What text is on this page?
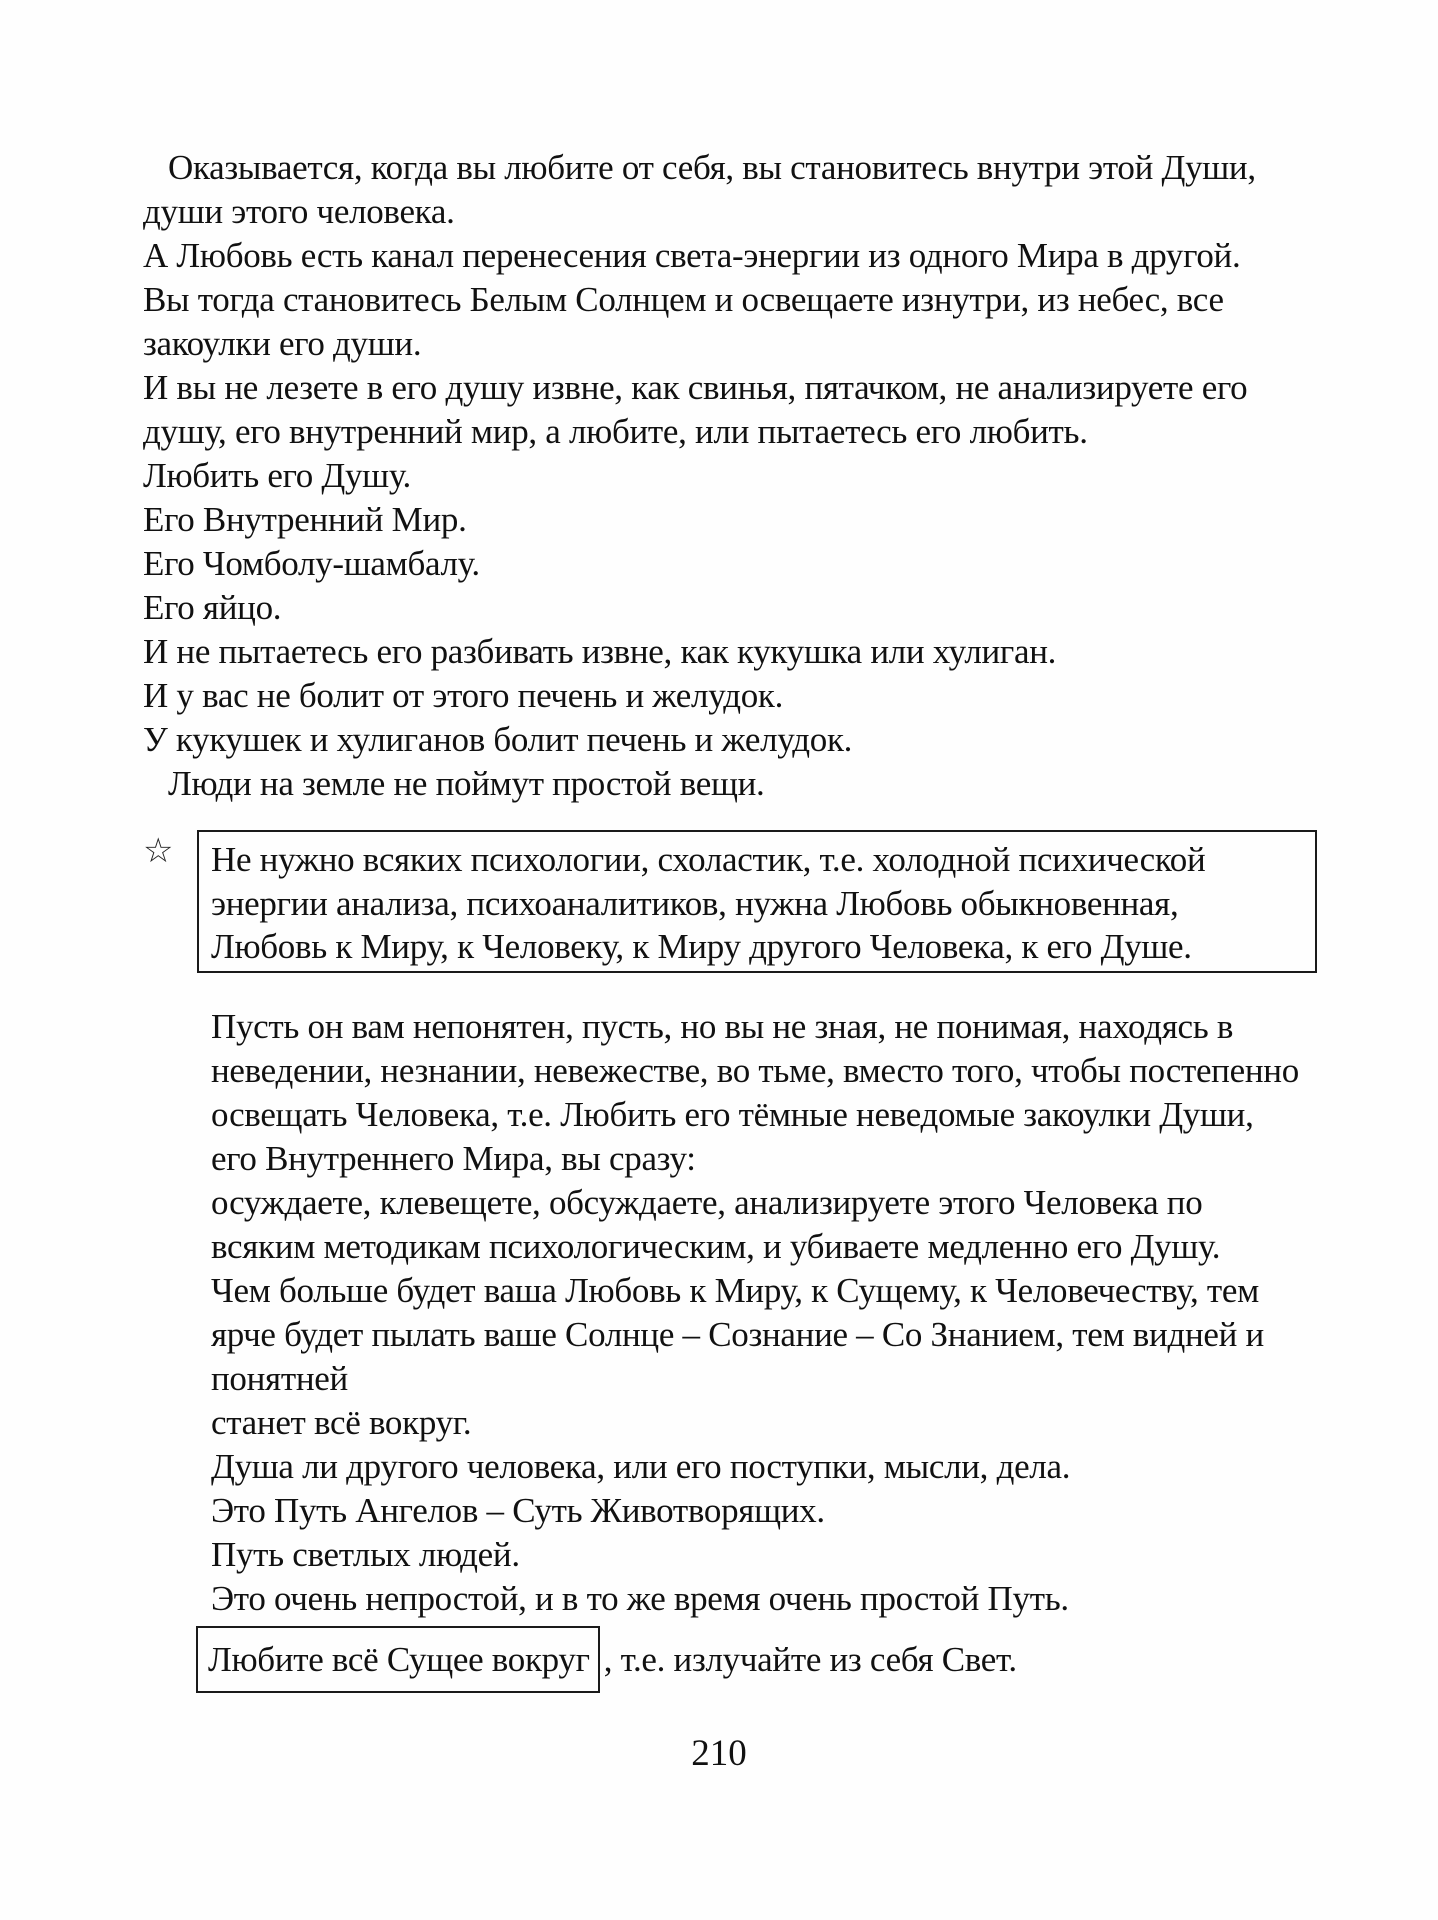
Оказывается, когда вы любите от себя, вы становитесь внутри этой Души,
души этого человека.
А Любовь есть канал перенесения света-энергии из одного Мира в другой.
Вы тогда становитесь Белым Солнцем и освещаете изнутри, из небес, все
закоулки его души.
И вы не лезете в его душу извне, как свинья, пятачком, не анализируете его
душу, его внутренний мир, а любите, или пытаетесь его любить.
Любить его Душу.
Его Внутренний Мир.
Его Чомболу-шамбалу.
Его яйцо.
И не пытаетесь его разбивать извне, как кукушка или хулиган.
И у вас не болит от этого печень и желудок.
У кукушек и хулиганов болит печень и желудок.
Люди на земле не поймут простой вещи.
☆ Не нужно всяких психологии, схоластик, т.е. холодной психической
энергии анализа, психоаналитиков, нужна Любовь обыкновенная,
Любовь к Миру, к Человеку, к Миру другого Человека, к его Душе.
Пусть он вам непонятен, пусть, но вы не зная, не понимая, находясь в
неведении, незнании, невежестве, во тьме, вместо того, чтобы постепенно
освещать Человека, т.е. Любить его тёмные неведомые закоулки Души,
его Внутреннего Мира, вы сразу:
осуждаете, клевещете, обсуждаете, анализируете этого Человека по
всяким методикам психологическим, и убиваете медленно его Душу.
Чем больше будет ваша Любовь к Миру, к Сущему, к Человечеству, тем
ярче будет пылать ваше Солнце – Сознание – Со Знанием, тем видней и
понятней
станет всё вокруг.
Душа ли другого человека, или его поступки, мысли, дела.
Это Путь Ангелов – Суть Животворящих.
Путь светлых людей.
Это очень непростой, и в то же время очень простой Путь.
Любите всё Сущее вокруг , т.е. излучайте из себя Свет.
210
